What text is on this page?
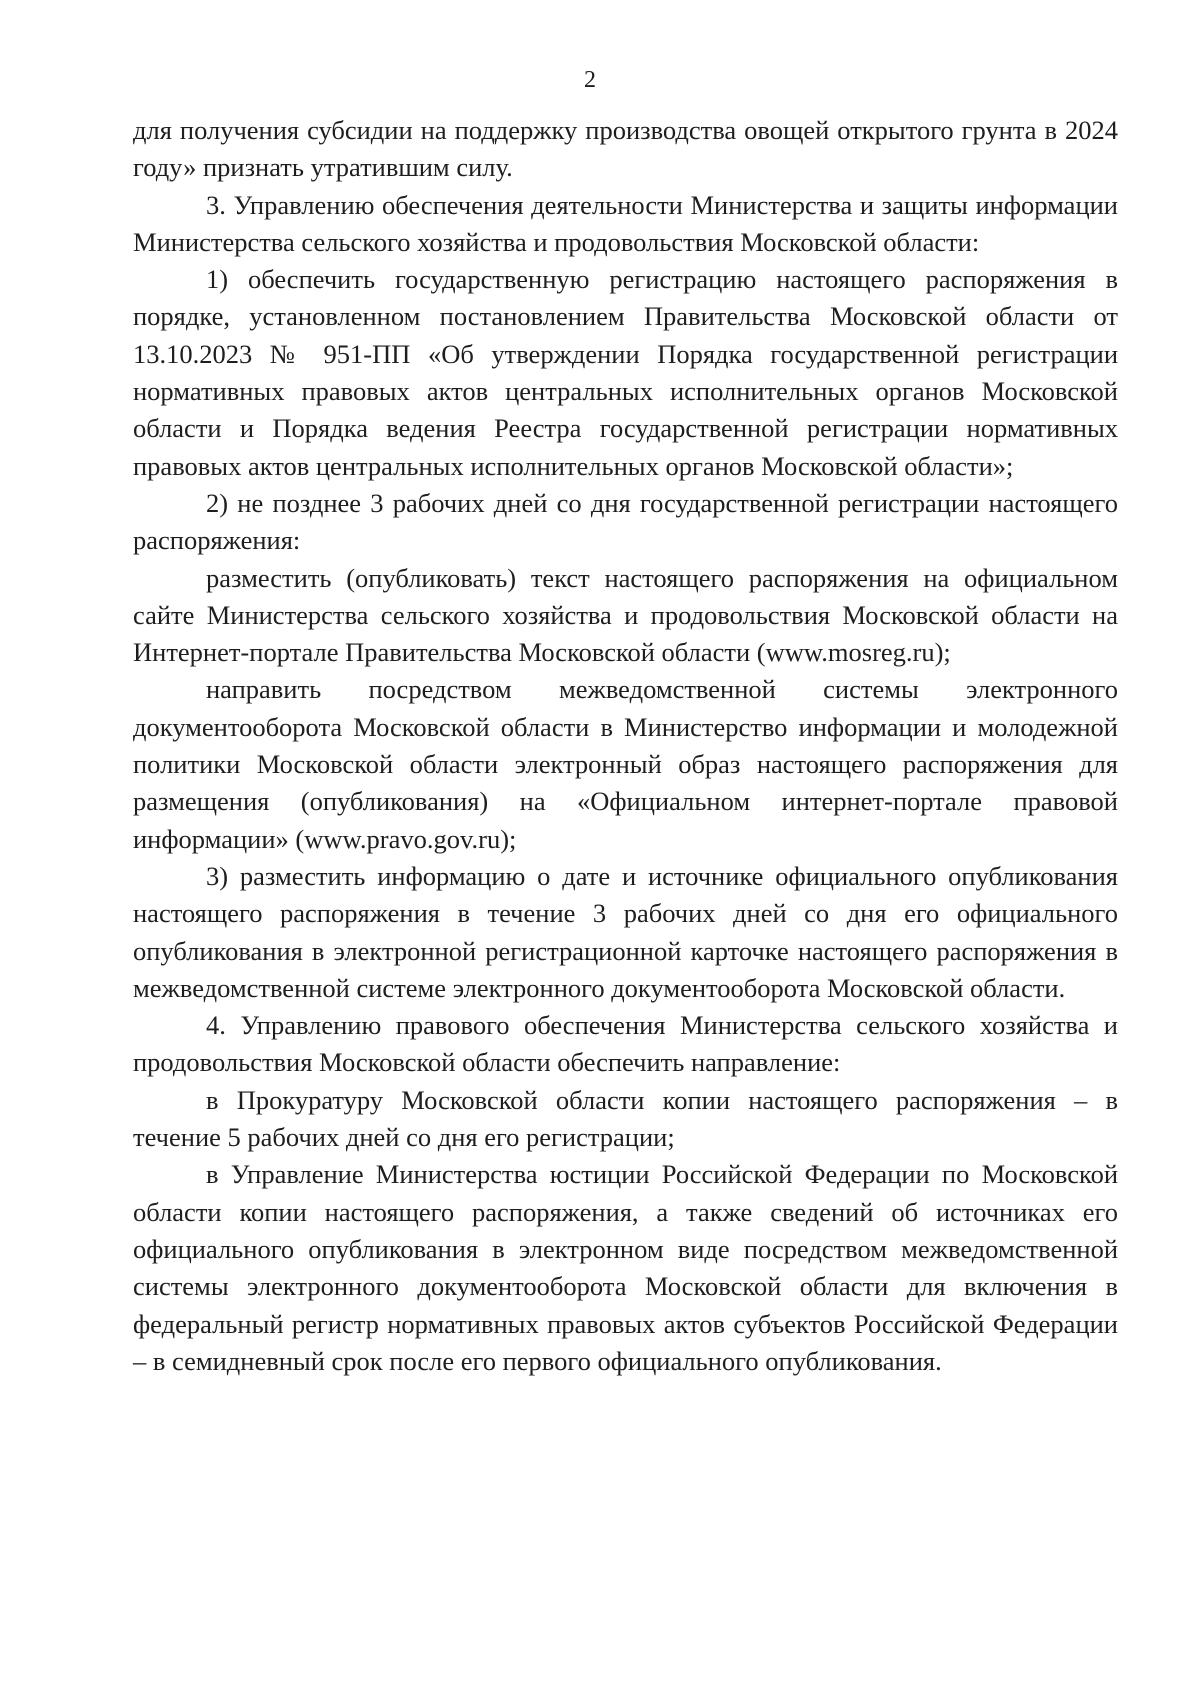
2

для получения субсидии на поддержку производства овощей открытого грунта в 2024 году» признать утратившим силу.

3. Управлению обеспечения деятельности Министерства и защиты информации Министерства сельского хозяйства и продовольствия Московской области:

1) обеспечить государственную регистрацию настоящего распоряжения в порядке, установленном постановлением Правительства Московской области от 13.10.2023 № 951-ПП «Об утверждении Порядка государственной регистрации нормативных правовых актов центральных исполнительных органов Московской области и Порядка ведения Реестра государственной регистрации нормативных правовых актов центральных исполнительных органов Московской области»;

2) не позднее 3 рабочих дней со дня государственной регистрации настоящего распоряжения:

разместить (опубликовать) текст настоящего распоряжения на официальном сайте Министерства сельского хозяйства и продовольствия Московской области на Интернет-портале Правительства Московской области (www.mosreg.ru);

направить посредством межведомственной системы электронного документооборота Московской области в Министерство информации и молодежной политики Московской области электронный образ настоящего распоряжения для размещения (опубликования) на «Официальном интернет-портале правовой информации» (www.pravo.gov.ru);

3) разместить информацию о дате и источнике официального опубликования настоящего распоряжения в течение 3 рабочих дней со дня его официального опубликования в электронной регистрационной карточке настоящего распоряжения в межведомственной системе электронного документооборота Московской области.

4. Управлению правового обеспечения Министерства сельского хозяйства и продовольствия Московской области обеспечить направление:

в Прокуратуру Московской области копии настоящего распоряжения – в течение 5 рабочих дней со дня его регистрации;

в Управление Министерства юстиции Российской Федерации по Московской области копии настоящего распоряжения, а также сведений об источниках его официального опубликования в электронном виде посредством межведомственной системы электронного документооборота Московской области для включения в федеральный регистр нормативных правовых актов субъектов Российской Федерации – в семидневный срок после его первого официального опубликования.
